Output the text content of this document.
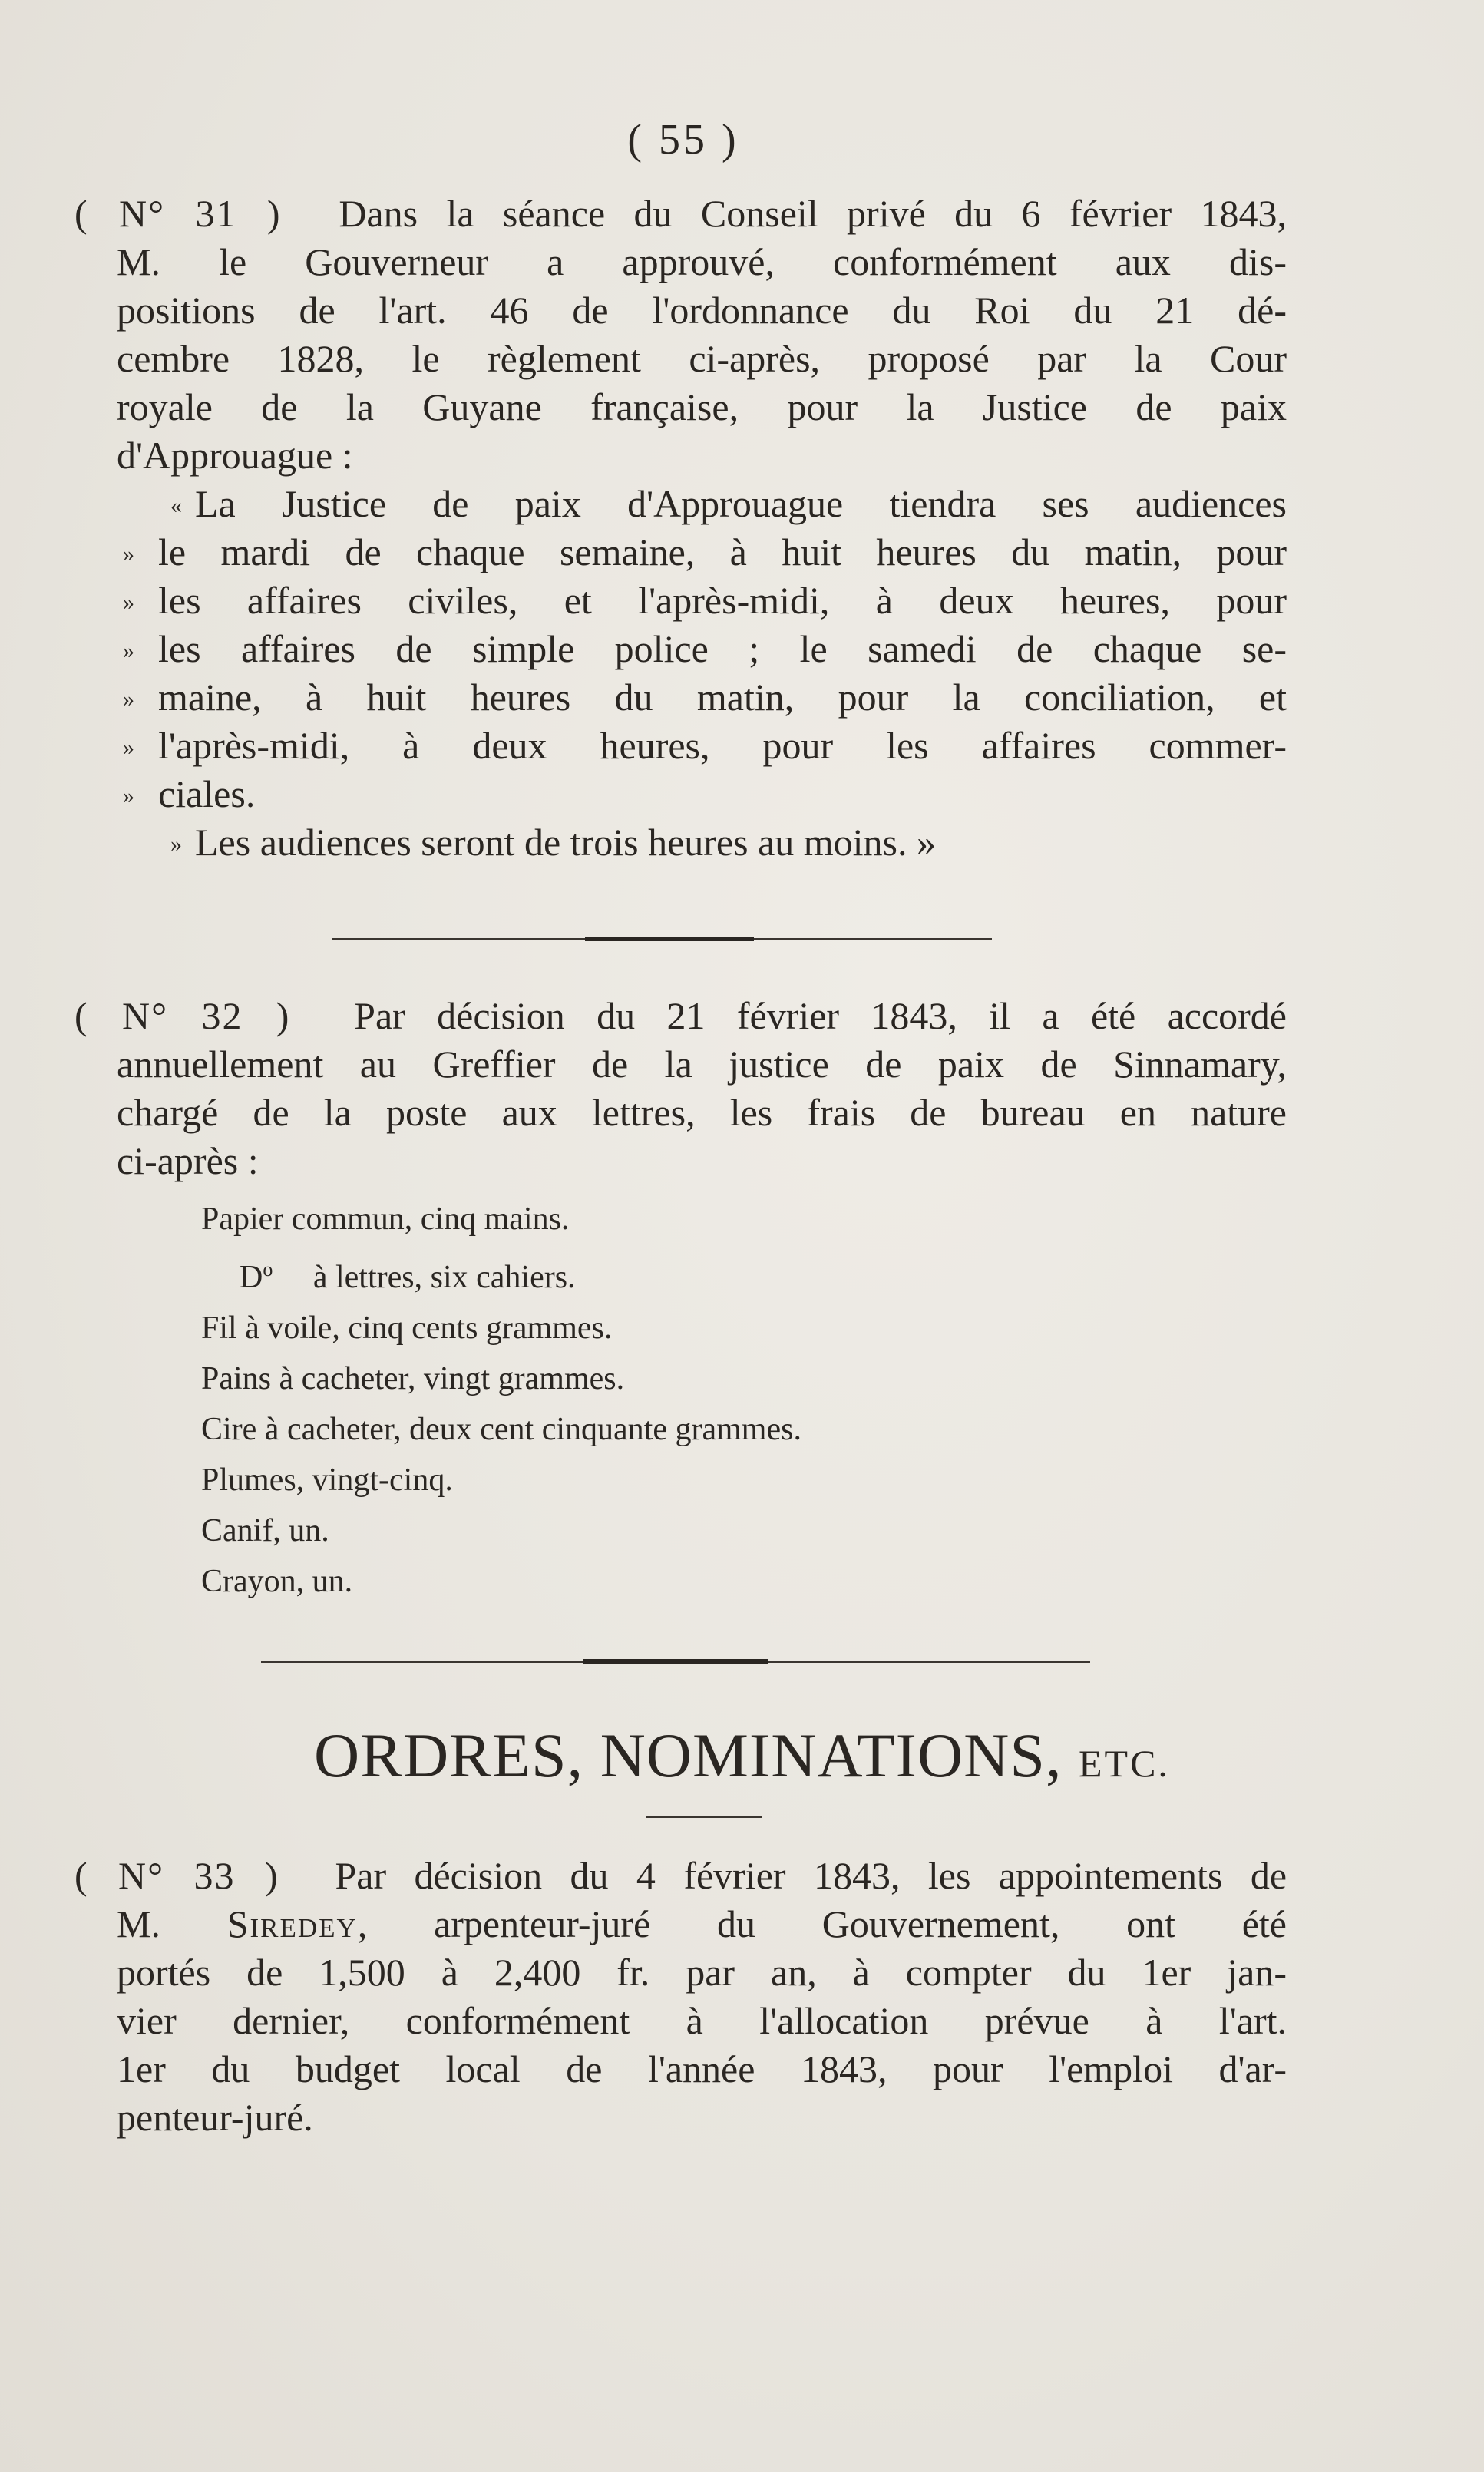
( 55 )
( N° 31 ) Dans la séance du Conseil privé du 6 février 1843,
M. le Gouverneur a approuvé, conformément aux dis-
positions de l'art. 46 de l'ordonnance du Roi du 21 dé-
cembre 1828, le règlement ci-après, proposé par la Cour
royale de la Guyane française, pour la Justice de paix
d'Approuague :
« La Justice de paix d'Approuague tiendra ses audiences
» le mardi de chaque semaine, à huit heures du matin, pour
» les affaires civiles, et l'après-midi, à deux heures, pour
» les affaires de simple police ; le samedi de chaque se-
» maine, à huit heures du matin, pour la conciliation, et
» l'après-midi, à deux heures, pour les affaires commer-
» ciales.
» Les audiences seront de trois heures au moins. »
( N° 32 ) Par décision du 21 février 1843, il a été accordé
annuellement au Greffier de la justice de paix de Sinnamary,
chargé de la poste aux lettres, les frais de bureau en nature
ci-après :
Papier commun, cinq mains.
$D^o$ à lettres, six cahiers.
Fil à voile, cinq cents grammes.
Pains à cacheter, vingt grammes.
Cire à cacheter, deux cent cinquante grammes.
Plumes, vingt-cinq.
Canif, un.
Crayon, un.
ORDRES, NOMINATIONS, ETC.
( N° 33 ) Par décision du 4 février 1843, les appointements de
M. Siredey, arpenteur-juré du Gouvernement, ont été
portés de 1,500 à 2,400 fr. par an, à compter du 1er jan-
vier dernier, conformément à l'allocation prévue à l'art.
1er du budget local de l'année 1843, pour l'emploi d'ar-
penteur-juré.
